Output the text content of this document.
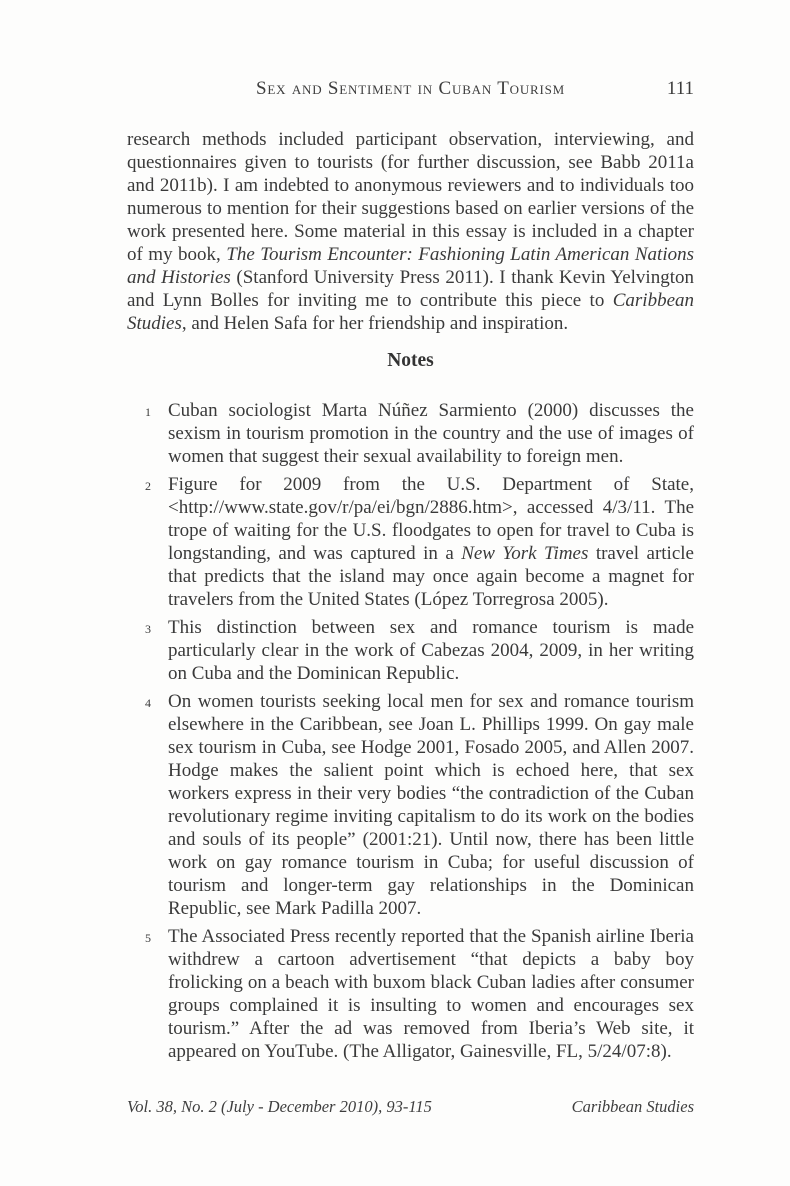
Sex and Sentiment in Cuban Tourism	111

research methods included participant observation, interviewing, and questionnaires given to tourists (for further discussion, see Babb 2011a and 2011b). I am indebted to anonymous reviewers and to individuals too numerous to mention for their suggestions based on earlier versions of the work presented here. Some material in this essay is included in a chapter of my book, The Tourism Encounter: Fashioning Latin American Nations and Histories (Stanford University Press 2011). I thank Kevin Yelvington and Lynn Bolles for inviting me to contribute this piece to Caribbean Studies, and Helen Safa for her friendship and inspiration.

Notes
1 Cuban sociologist Marta Núñez Sarmiento (2000) discusses the sexism in tourism promotion in the country and the use of images of women that suggest their sexual availability to foreign men.
2 Figure for 2009 from the U.S. Department of State, <http://www.state.gov/r/pa/ei/bgn/2886.htm>, accessed 4/3/11. The trope of waiting for the U.S. floodgates to open for travel to Cuba is longstanding, and was captured in a New York Times travel article that predicts that the island may once again become a magnet for travelers from the United States (López Torregrosa 2005).
3 This distinction between sex and romance tourism is made particularly clear in the work of Cabezas 2004, 2009, in her writing on Cuba and the Dominican Republic.
4 On women tourists seeking local men for sex and romance tourism elsewhere in the Caribbean, see Joan L. Phillips 1999. On gay male sex tourism in Cuba, see Hodge 2001, Fosado 2005, and Allen 2007. Hodge makes the salient point which is echoed here, that sex workers express in their very bodies “the contradiction of the Cuban revolutionary regime inviting capitalism to do its work on the bodies and souls of its people” (2001:21). Until now, there has been little work on gay romance tourism in Cuba; for useful discussion of tourism and longer-term gay relationships in the Dominican Republic, see Mark Padilla 2007.
5 The Associated Press recently reported that the Spanish airline Iberia withdrew a cartoon advertisement “that depicts a baby boy frolicking on a beach with buxom black Cuban ladies after consumer groups complained it is insulting to women and encourages sex tourism.” After the ad was removed from Iberia’s Web site, it appeared on YouTube. (The Alligator, Gainesville, FL, 5/24/07:8).
Vol. 38, No. 2 (July - December 2010), 93-115	Caribbean Studies
